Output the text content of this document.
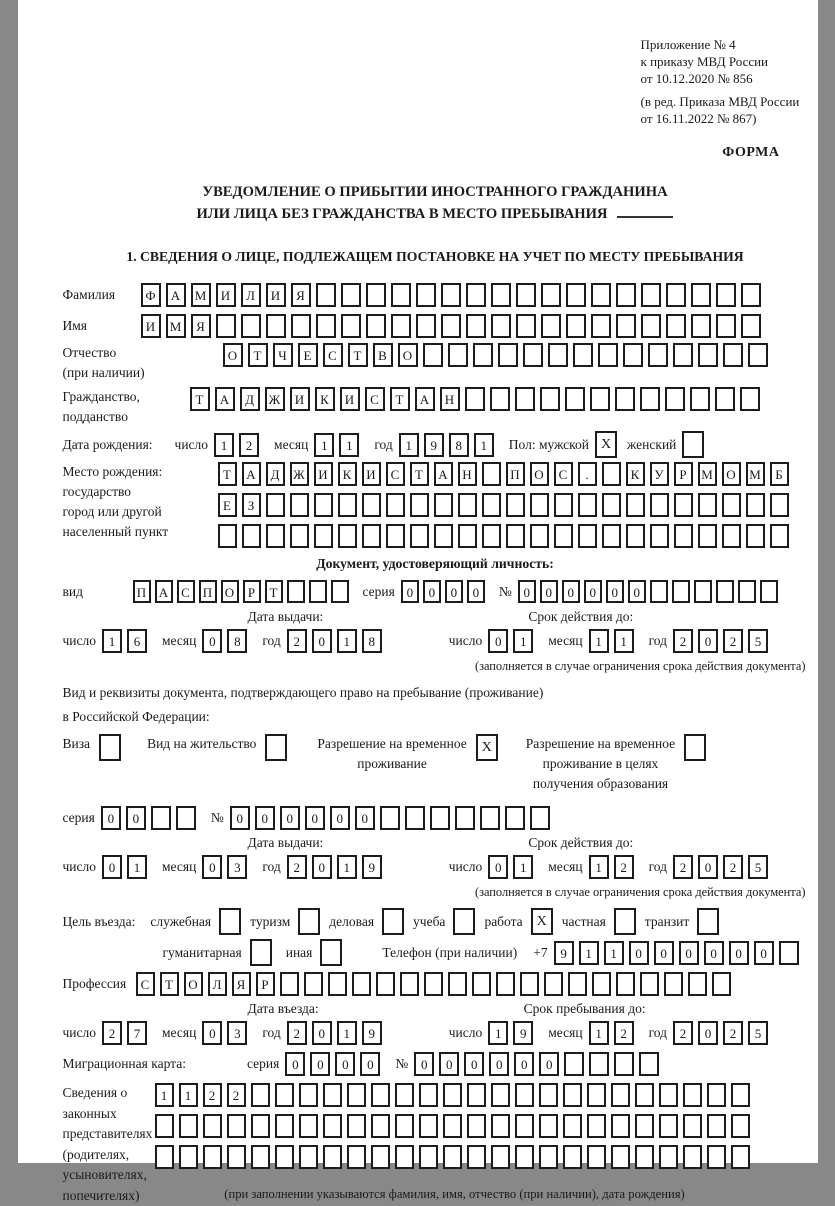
Приложение № 4
к приказу МВД России
от 10.12.2020 № 856
(в ред. Приказа МВД России
от 16.11.2022 № 867)
ФОРМА
УВЕДОМЛЕНИЕ О ПРИБЫТИИ ИНОСТРАННОГО ГРАЖДАНИНА
ИЛИ ЛИЦА БЕЗ ГРАЖДАНСТВА В МЕСТО ПРЕБЫВАНИЯ
1. СВЕДЕНИЯ О ЛИЦЕ, ПОДЛЕЖАЩЕМ ПОСТАНОВКЕ НА УЧЕТ ПО МЕСТУ ПРЕБЫВАНИЯ
Фамилия	Ф	А	М	И	Л	И	Я
Имя	И	М	Я
Отчество
(при наличии)
О	Т	Ч	Е	С	Т	В	О
Гражданство,
подданство
Т	А	Д	Ж	И	К	И	С	Т	А	Н
Дата рождения: число 1	2	месяц 1	1	год 1	9	8	1	Пол: мужской X	женский
Место рождения:
государство
город или другой
населенный пункт
Т	А	Д	Ж	И	К	И	С	Т	А	Н	П	О	С	.	К	У	Р	М	О	М	Б
Е	З
Документ, удостоверяющий личность:
вид	П А С П О	Р	Т	серия 0	0	0	0	№ 0	0	0	0	0	0
Дата выдачи:	Срок действия до:
число 1	6	месяц 0	8	год 2	0	1	8	число 0	1	месяц 1	1	год 2	0	2	5
(заполняется в случае ограничения срока действия документа)
Вид и реквизиты документа, подтверждающего право на пребывание (проживание)
в Российской Федерации:
Виза	Вид на жительство	Разрешение на временное
проживание
X	Разрешение на временное
проживание в целях
получения образования
серия 0	0	№ 0	0	0	0	0	0
Дата выдачи:	Срок действия до:
число 0	1	месяц 0	3	год 2	0	1	9	число 0	1	месяц 1	2	год 2	0	2	5
(заполняется в случае ограничения срока действия документа)
Цель въезда: служебная	туризм	деловая	учеба	работа X	частная	транзит
гуманитарная	иная	Телефон (при наличии) +7 9	1	1	0	0	0	0	0	0
Профессия	С	Т	О	Л	Я	Р
Дата въезда:	Срок пребывания до:
число 2	7	месяц 0	3	год 2	0	1	9	число 1	9	месяц 1	2	год 2	0	2	5
Миграционная карта:	серия 0	0	0	0	№ 0	0	0	0	0	0
Сведения о
законных
представителях
(родителях,
усыновителях,
попечителях)
1	1	2	2
(при заполнении указываются фамилия, имя, отчество (при наличии), дата рождения)
